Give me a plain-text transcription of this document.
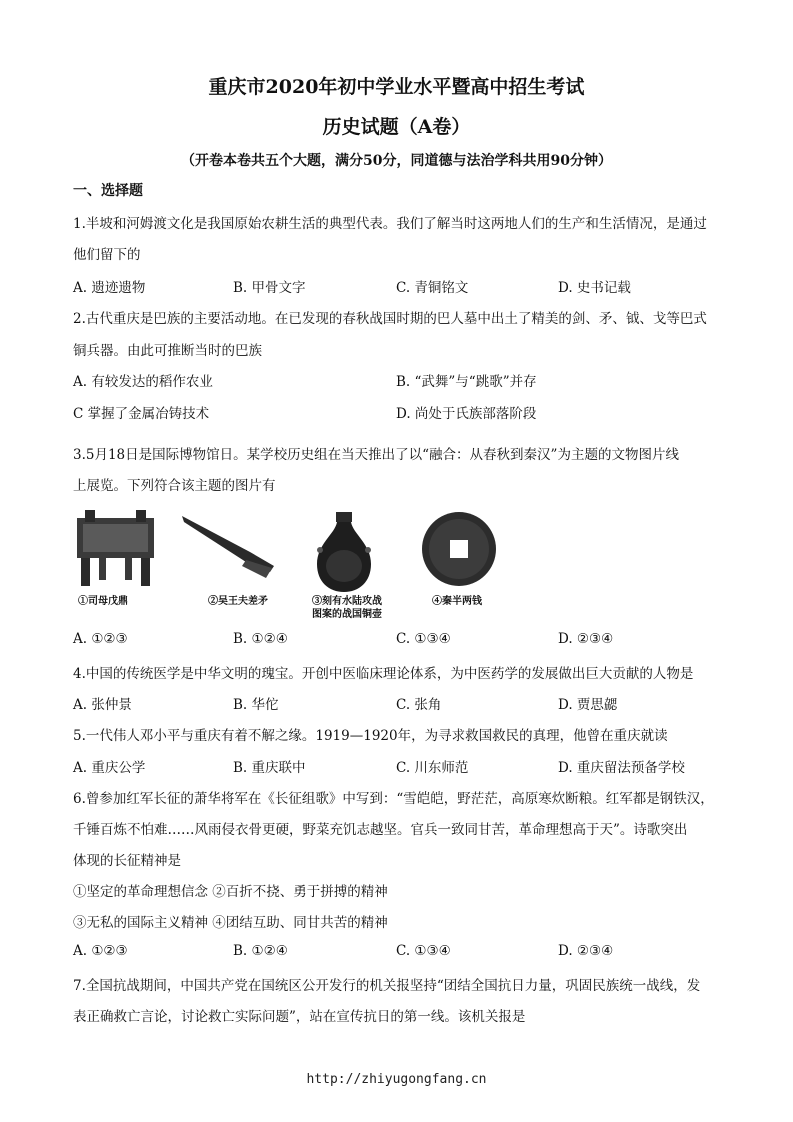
重庆市2020年初中学业水平暨高中招生考试
历史试题（A卷）
（开卷本卷共五个大题，满分50分，同道德与法治学科共用90分钟）
一、选择题
1.半坡和河姆渡文化是我国原始农耕生活的典型代表。我们了解当时这两地人们的生产和生活情况，是通过
他们留下的
A. 遗迹遗物	B. 甲骨文字	C. 青铜铭文	D. 史书记载
2.古代重庆是巴族的主要活动地。在已发现的春秋战国时期的巴人墓中出土了精美的剑、矛、钺、戈等巴式
铜兵器。由此可推断当时的巴族
A. 有较发达的稻作农业	B. “武舞”与“跳歌”并存
C 掌握了金属冶铸技术	D. 尚处于氏族部落阶段
3.5月18日是国际博物馆日。某学校历史组在当天推出了以“融合：从春秋到秦汉”为主题的文物图片线
上展览。下列符合该主题的图片有
①司母戊鼎	②吴王夫差矛	③刻有水陆攻战
图案的战国铜壶
④秦半两钱
A. ①②③	B. ①②④	C. ①③④	D. ②③④
4.中国的传统医学是中华文明的瑰宝。开创中医临床理论体系，为中医药学的发展做出巨大贡献的人物是
A. 张仲景	B. 华佗	C. 张角	D. 贾思勰
5.一代伟人邓小平与重庆有着不解之缘。1919—1920年，为寻求救国救民的真理，他曾在重庆就读
A. 重庆公学	B. 重庆联中	C. 川东师范	D. 重庆留法预备学校
6.曾参加红军长征的萧华将军在《长征组歌》中写到：“雪皑皑，野茫茫，高原寒炊断粮。红军都是钢铁汉，
千锤百炼不怕难……风雨侵衣骨更硬，野菜充饥志越坚。官兵一致同甘苦，革命理想高于天”。诗歌突出
体现的长征精神是
①坚定的革命理想信念 ②百折不挠、勇于拼搏的精神
③无私的国际主义精神 ④团结互助、同甘共苦的精神
A. ①②③	B. ①②④	C. ①③④	D. ②③④
7.全国抗战期间，中国共产党在国统区公开发行的机关报坚持“团结全国抗日力量，巩固民族统一战线，发
表正确救亡言论，讨论救亡实际问题”，站在宣传抗日的第一线。该机关报是
http://zhiyugongfang.cn
